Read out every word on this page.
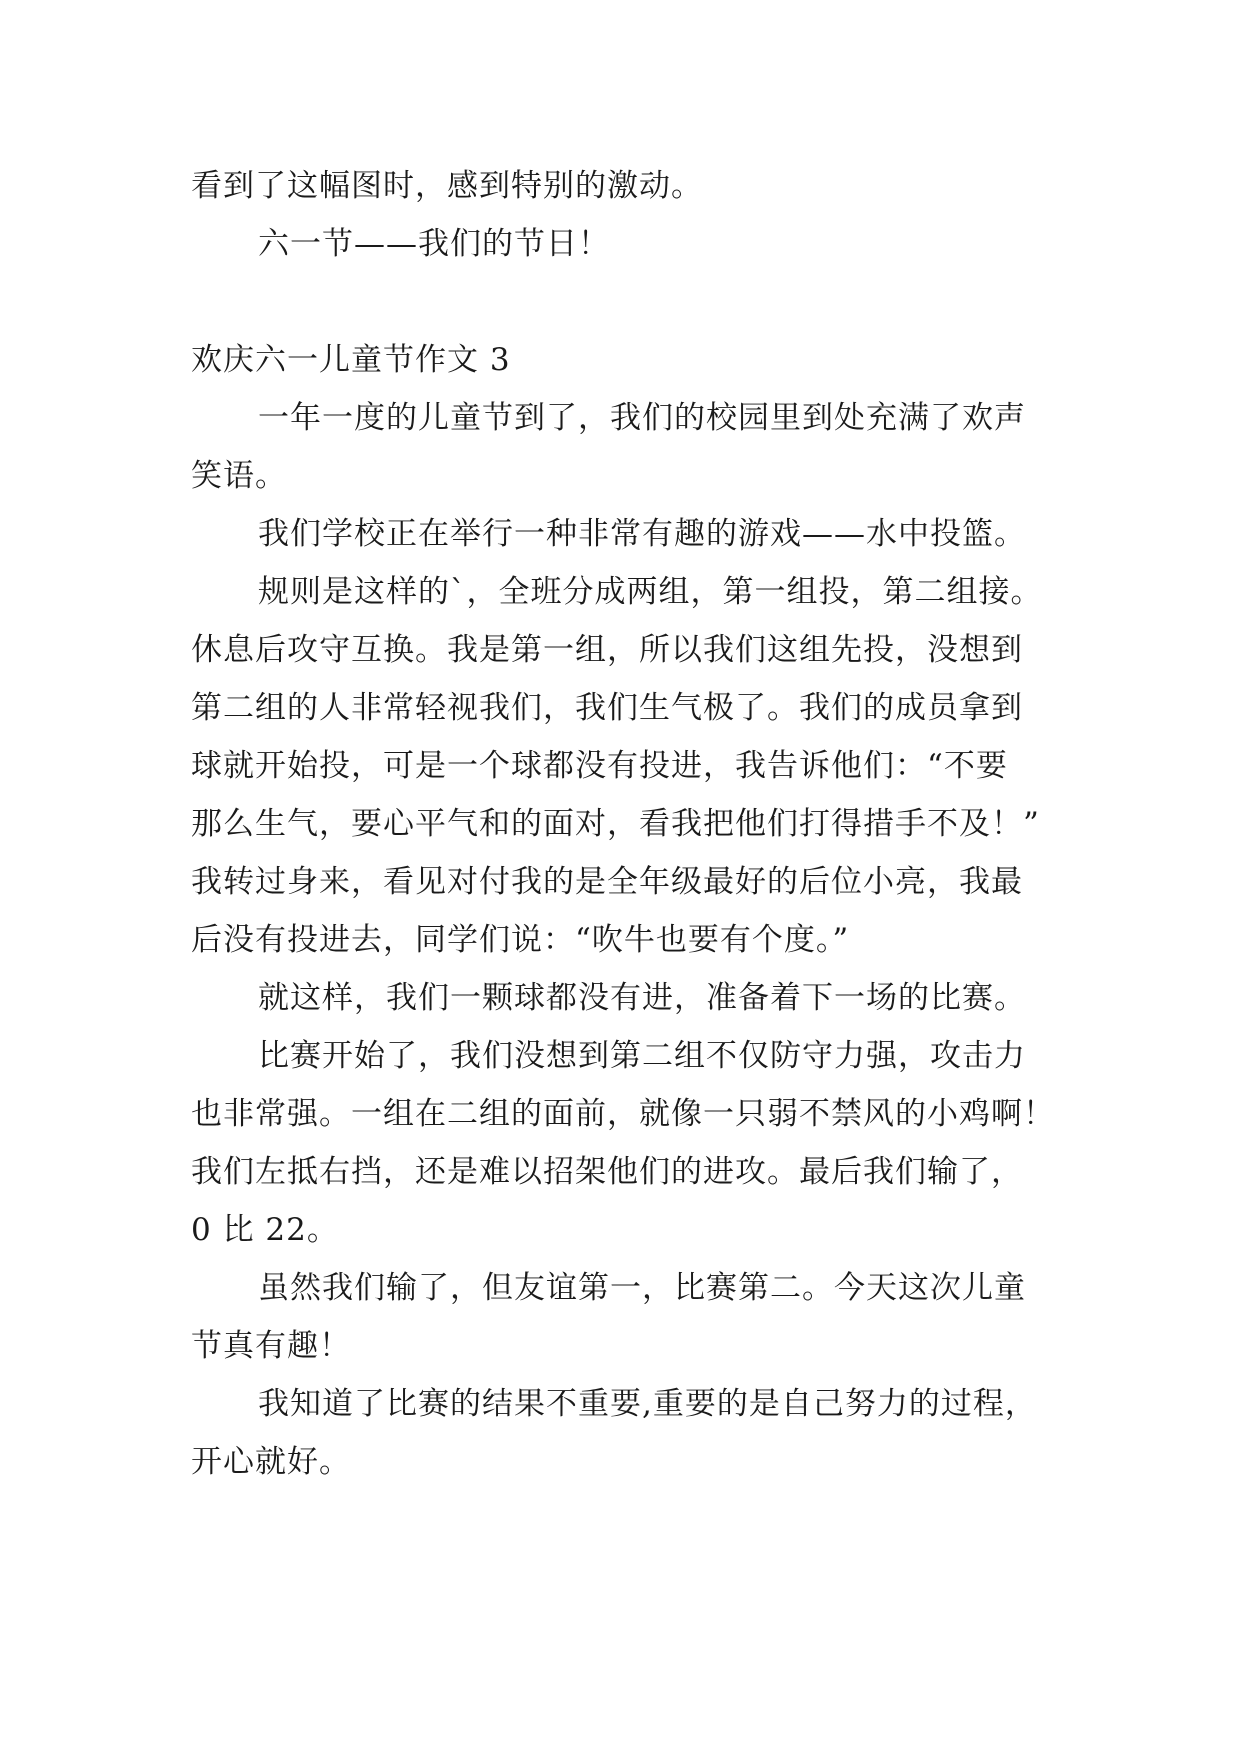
看到了这幅图时，感到特别的激动。
六一节——我们的节日！
欢庆六一儿童节作文 3
一年一度的儿童节到了，我们的校园里到处充满了欢声
笑语。
我们学校正在举行一种非常有趣的游戏——水中投篮。
规则是这样的`，全班分成两组，第一组投，第二组接。
休息后攻守互换。我是第一组，所以我们这组先投，没想到
第二组的人非常轻视我们，我们生气极了。我们的成员拿到
球就开始投，可是一个球都没有投进，我告诉他们：“不要
那么生气，要心平气和的面对，看我把他们打得措手不及！”
我转过身来，看见对付我的是全年级最好的后位小亮，我最
后没有投进去，同学们说：“吹牛也要有个度。”
就这样，我们一颗球都没有进，准备着下一场的比赛。
比赛开始了，我们没想到第二组不仅防守力强，攻击力
也非常强。一组在二组的面前，就像一只弱不禁风的小鸡啊！
我们左抵右挡，还是难以招架他们的进攻。最后我们输了，
0 比 22。
虽然我们输了，但友谊第一，比赛第二。今天这次儿童
节真有趣！
我知道了比赛的结果不重要,重要的是自己努力的过程，
开心就好。
